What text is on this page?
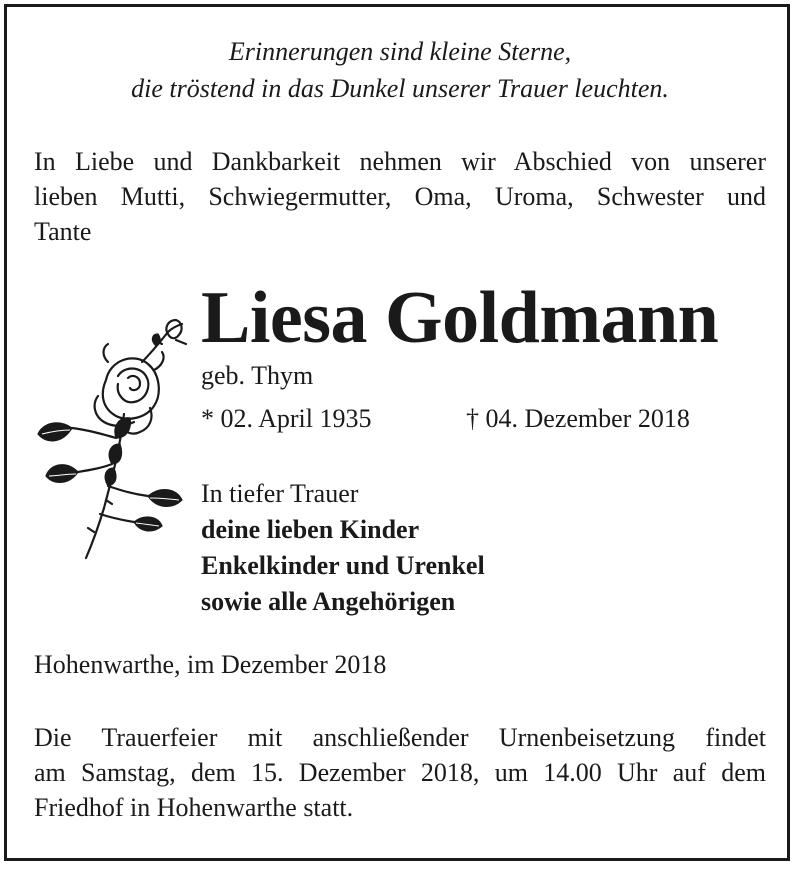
Erinnerungen sind kleine Sterne,
die tröstend in das Dunkel unserer Trauer leuchten.
In Liebe und Dankbarkeit nehmen wir Abschied von unserer
lieben Mutti, Schwiegermutter, Oma, Uroma, Schwester und
Tante
Liesa Goldmann
geb. Thym
* 02. April 1935	† 04. Dezember 2018
In tiefer Trauer
deine lieben Kinder
Enkelkinder und Urenkel
sowie alle Angehörigen
Hohenwarthe, im Dezember 2018
Die Trauerfeier mit anschließender Urnenbeisetzung findet
am Samstag, dem 15. Dezember 2018, um 14.00 Uhr auf dem
Friedhof in Hohenwarthe statt.
